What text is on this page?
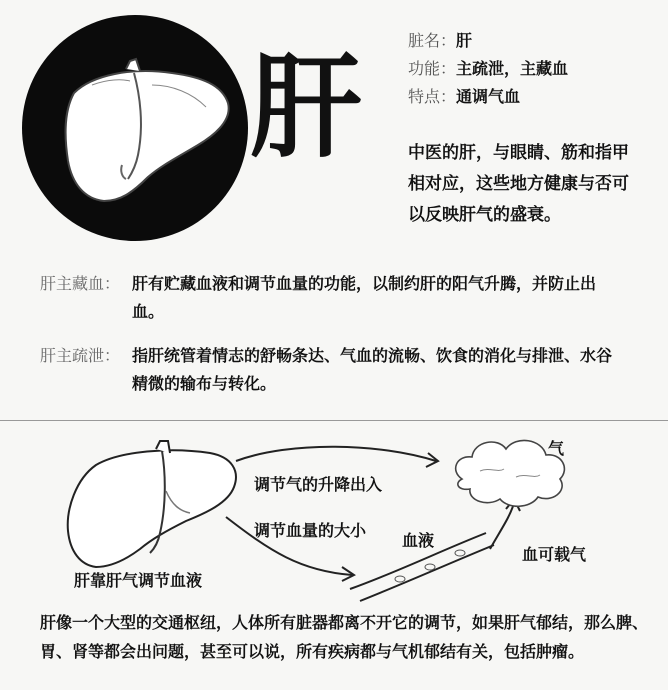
肝
脏名：肝
功能：主疏泄，主藏血
特点：通调气血
中医的肝，与眼睛、筋和指甲相对应，这些地方健康与否可以反映肝气的盛衰。
肝主藏血： 肝有贮藏血液和调节血量的功能，以制约肝的阳气升腾，并防止出血。
肝主疏泄： 指肝统管着情志的舒畅条达、气血的流畅、饮食的消化与排泄、水谷精微的输布与转化。
肝靠肝气调节血液
调节气的升降出入
调节血量的大小
血液
气
血可载气
肝像一个大型的交通枢纽，人体所有脏器都离不开它的调节，如果肝气郁结，那么脾、胃、肾等都会出问题，甚至可以说，所有疾病都与气机郁结有关，包括肿瘤。
